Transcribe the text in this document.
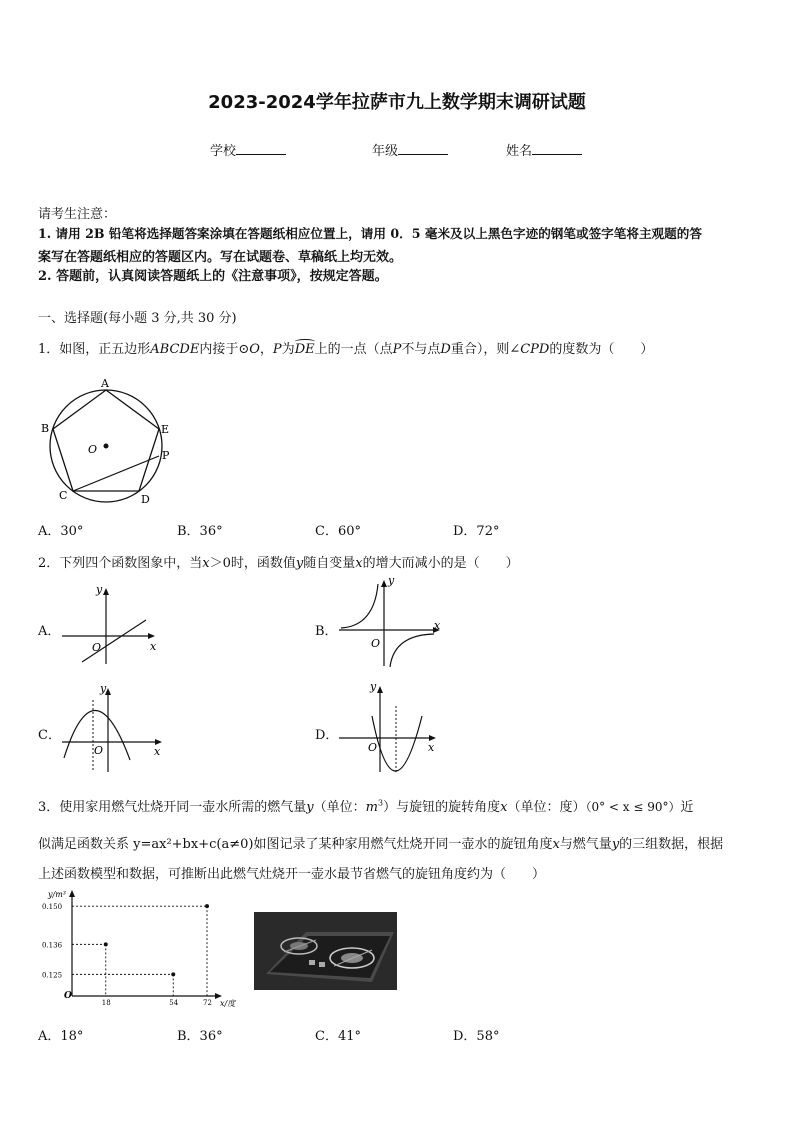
2023-2024学年拉萨市九上数学期末调研试题
学校	年级	姓名
请考生注意：
1. 请用 2B 铅笔将选择题答案涂填在答题纸相应位置上，请用 0．5 毫米及以上黑色字迹的钢笔或签字笔将主观题的答
案写在答题纸相应的答题区内。写在试题卷、草稿纸上均无效。
2. 答题前，认真阅读答题纸上的《注意事项》，按规定答题。
一、选择题(每小题 3 分,共 30 分)
1．如图，正五边形ABCDE内接于⊙O，P为DE上的一点（点P不与点D重合），则∠CPD的度数为（　　）
A
B
C	D
E
O	P
A．30°	B．36°	C．60°	D．72°
2．下列四个函数图象中，当x＞0时，函数值y随自变量x的增大而减小的是（　　）
A．
y
x
O
B．
y
x
O
C．
y
x
O
D．
y
x
O
3．使用家用燃气灶烧开同一壶水所需的燃气量y（单位：$m^3$）与旋钮的旋转角度x（单位：度）（0° < x ≤ 90°）近
似满足函数关系 y=ax²+bx+c(a≠0)如图记录了某种家用燃气灶烧开同一壶水的旋钮角度x与燃气量y的三组数据，根据
上述函数模型和数据，可推断出此燃气灶烧开一壶水最节省燃气的旋钮角度约为（　　）
y/m³
x/度
O
0.150
0.136
0.125
18	54	72
A．18°	B．36°	C．41°	D．58°
